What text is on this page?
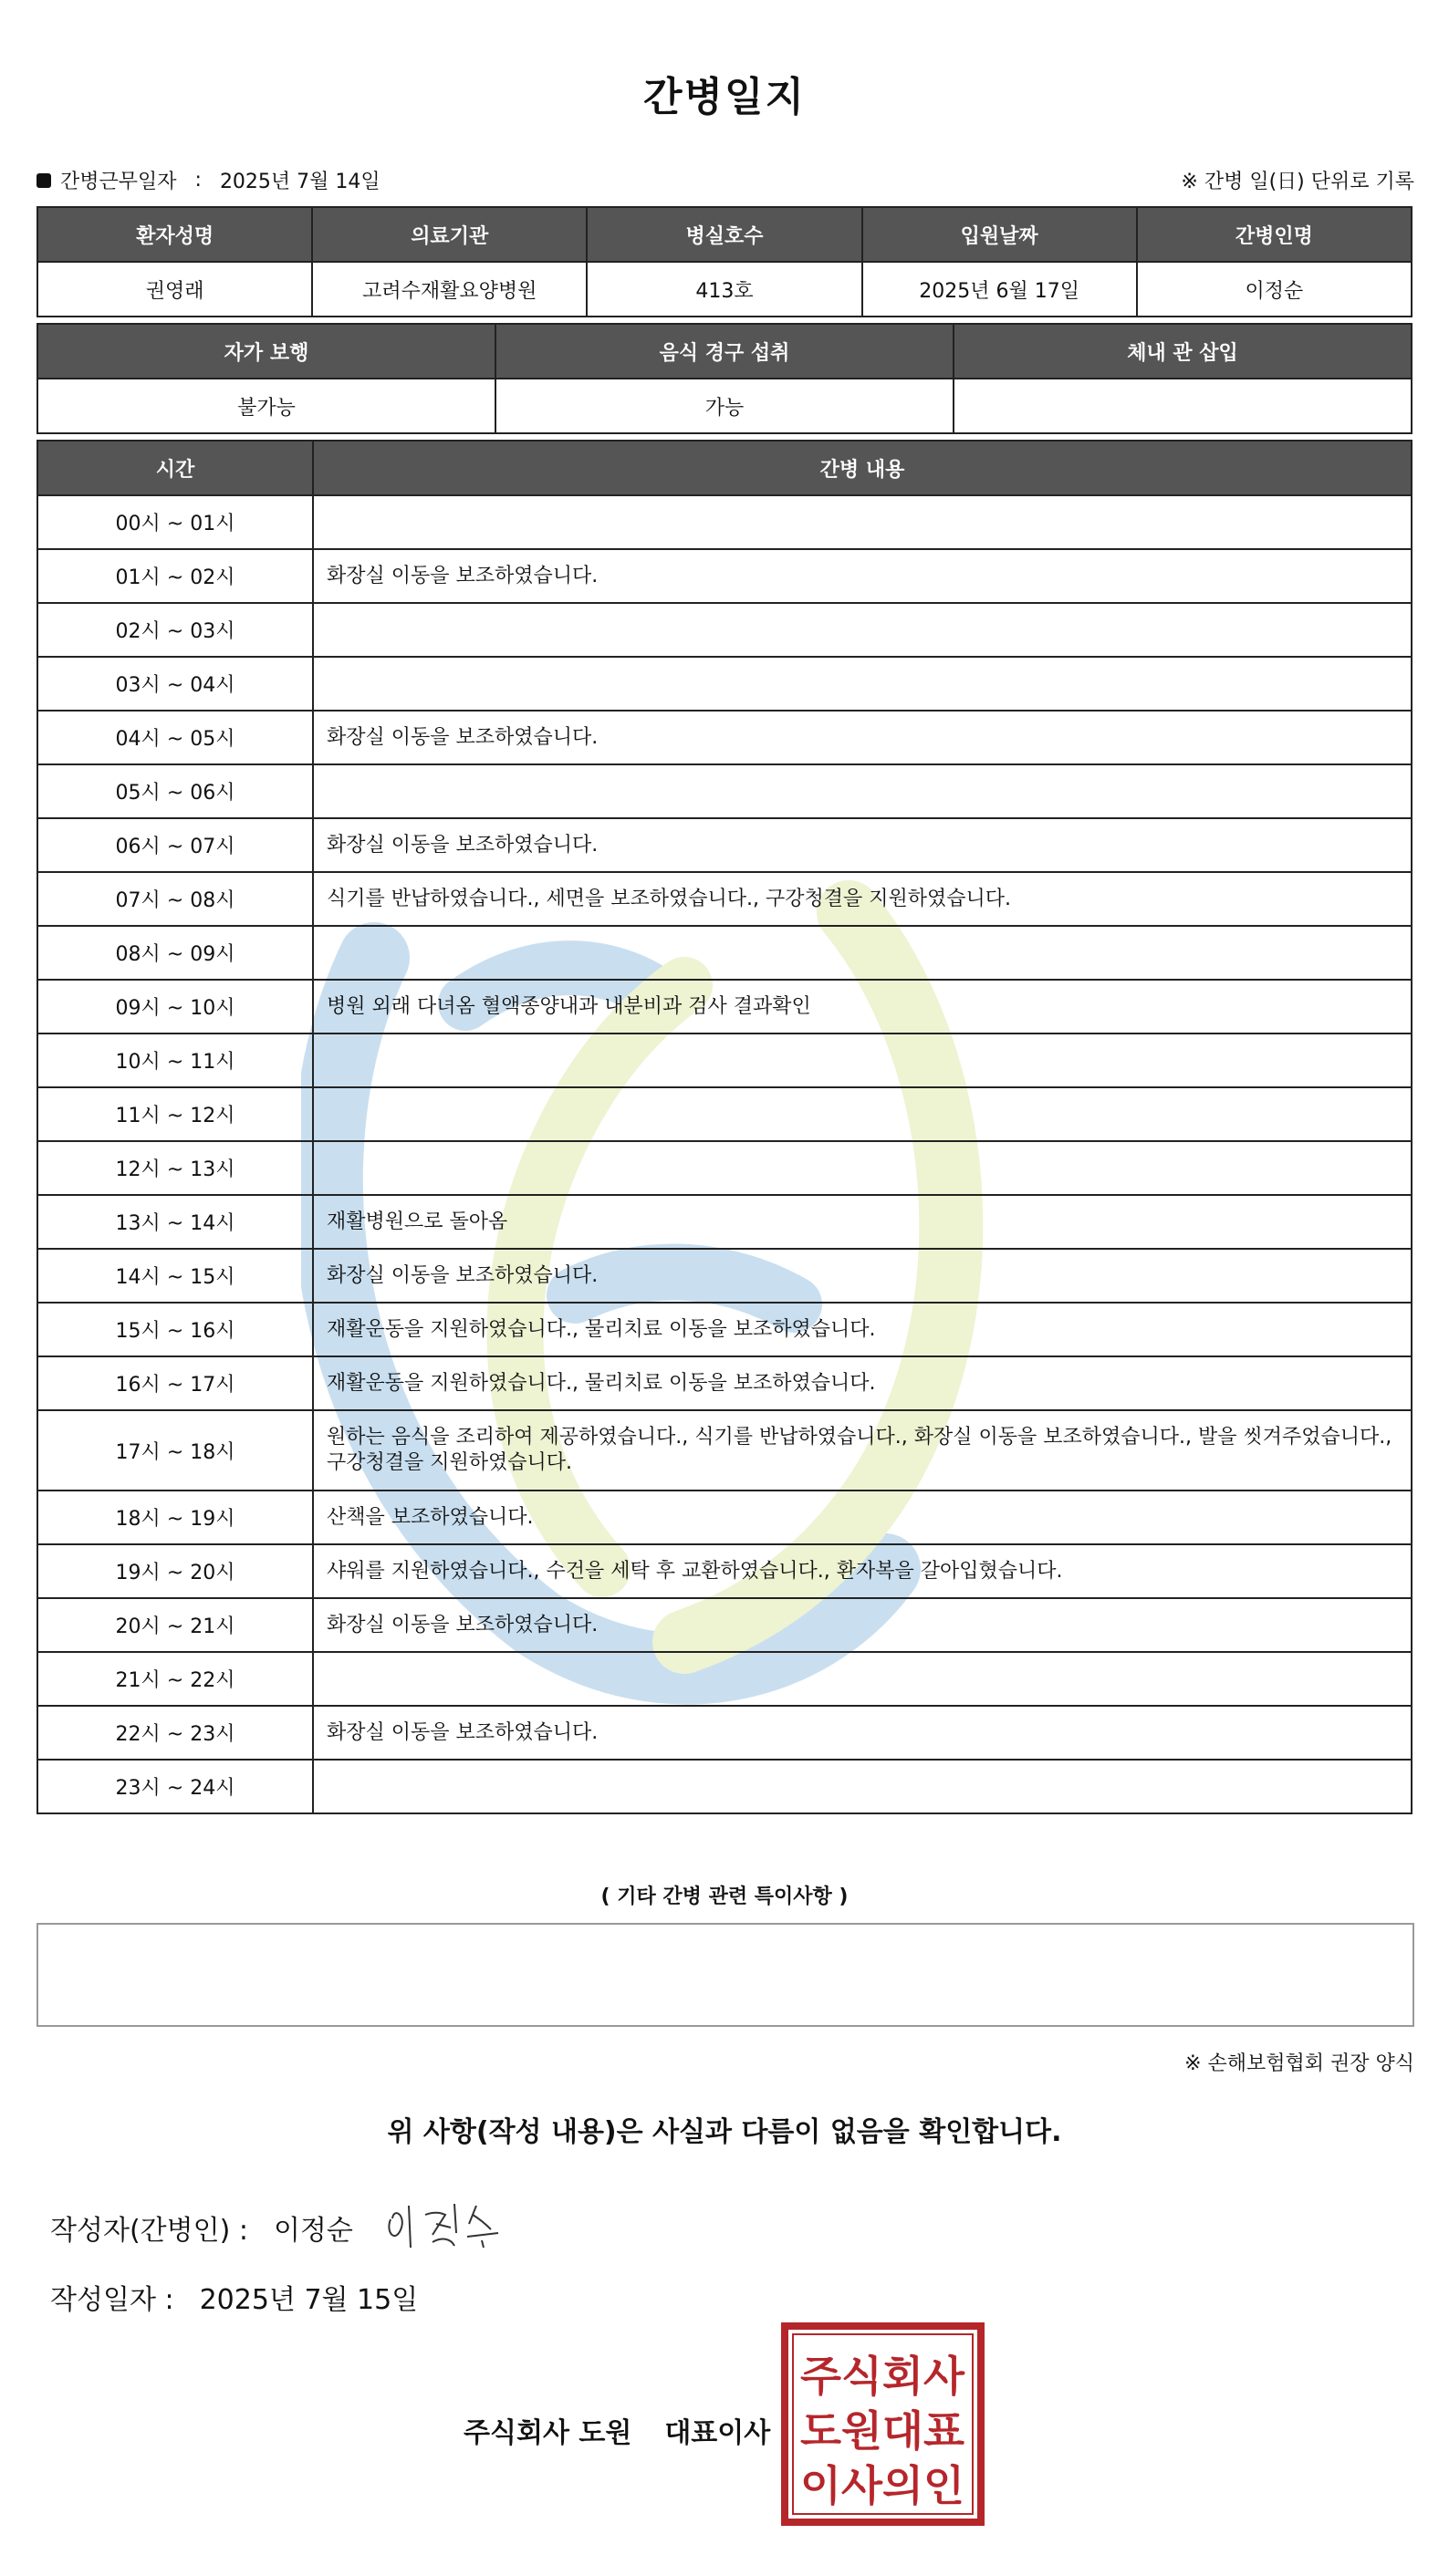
간병일지
간병근무일자 : 2025년 7월 14일	※ 간병 일(日) 단위로 기록
환자성명	의료기관	병실호수	입원날짜	간병인명
권영래	고려수재활요양병원	413호	2025년 6월 17일	이정순
자가 보행	음식 경구 섭취	체내 관 삽입
불가능	가능	
시간	간병 내용
00시 ~ 01시	
01시 ~ 02시	화장실 이동을 보조하였습니다.
02시 ~ 03시	
03시 ~ 04시	
04시 ~ 05시	화장실 이동을 보조하였습니다.
05시 ~ 06시	
06시 ~ 07시	화장실 이동을 보조하였습니다.
07시 ~ 08시	식기를 반납하였습니다., 세면을 보조하였습니다., 구강청결을 지원하였습니다.
08시 ~ 09시	
09시 ~ 10시	병원 외래 다녀옴 혈액종양내과 내분비과 검사 결과확인
10시 ~ 11시	
11시 ~ 12시	
12시 ~ 13시	
13시 ~ 14시	재활병원으로 돌아옴
14시 ~ 15시	화장실 이동을 보조하였습니다.
15시 ~ 16시	재활운동을 지원하였습니다., 물리치료 이동을 보조하였습니다.
16시 ~ 17시	재활운동을 지원하였습니다., 물리치료 이동을 보조하였습니다.
17시 ~ 18시	원하는 음식을 조리하여 제공하였습니다., 식기를 반납하였습니다., 화장실 이동을 보조하였습니다., 발을 씻겨주었습니다., 구강청결을 지원하였습니다.
18시 ~ 19시	산책을 보조하였습니다.
19시 ~ 20시	샤워를 지원하였습니다., 수건을 세탁 후 교환하였습니다., 환자복을 갈아입혔습니다.
20시 ~ 21시	화장실 이동을 보조하였습니다.
21시 ~ 22시	
22시 ~ 23시	화장실 이동을 보조하였습니다.
23시 ~ 24시	
( 기타 간병 관련 특이사항 )
※ 손해보험협회 권장 양식
위 사항(작성 내용)은 사실과 다름이 없음을 확인합니다.
작성자(간병인) : 이정순
작성일자 : 2025년 7월 15일
주식회사 도원 대표이사
주식회사
도원대표
이사의인
